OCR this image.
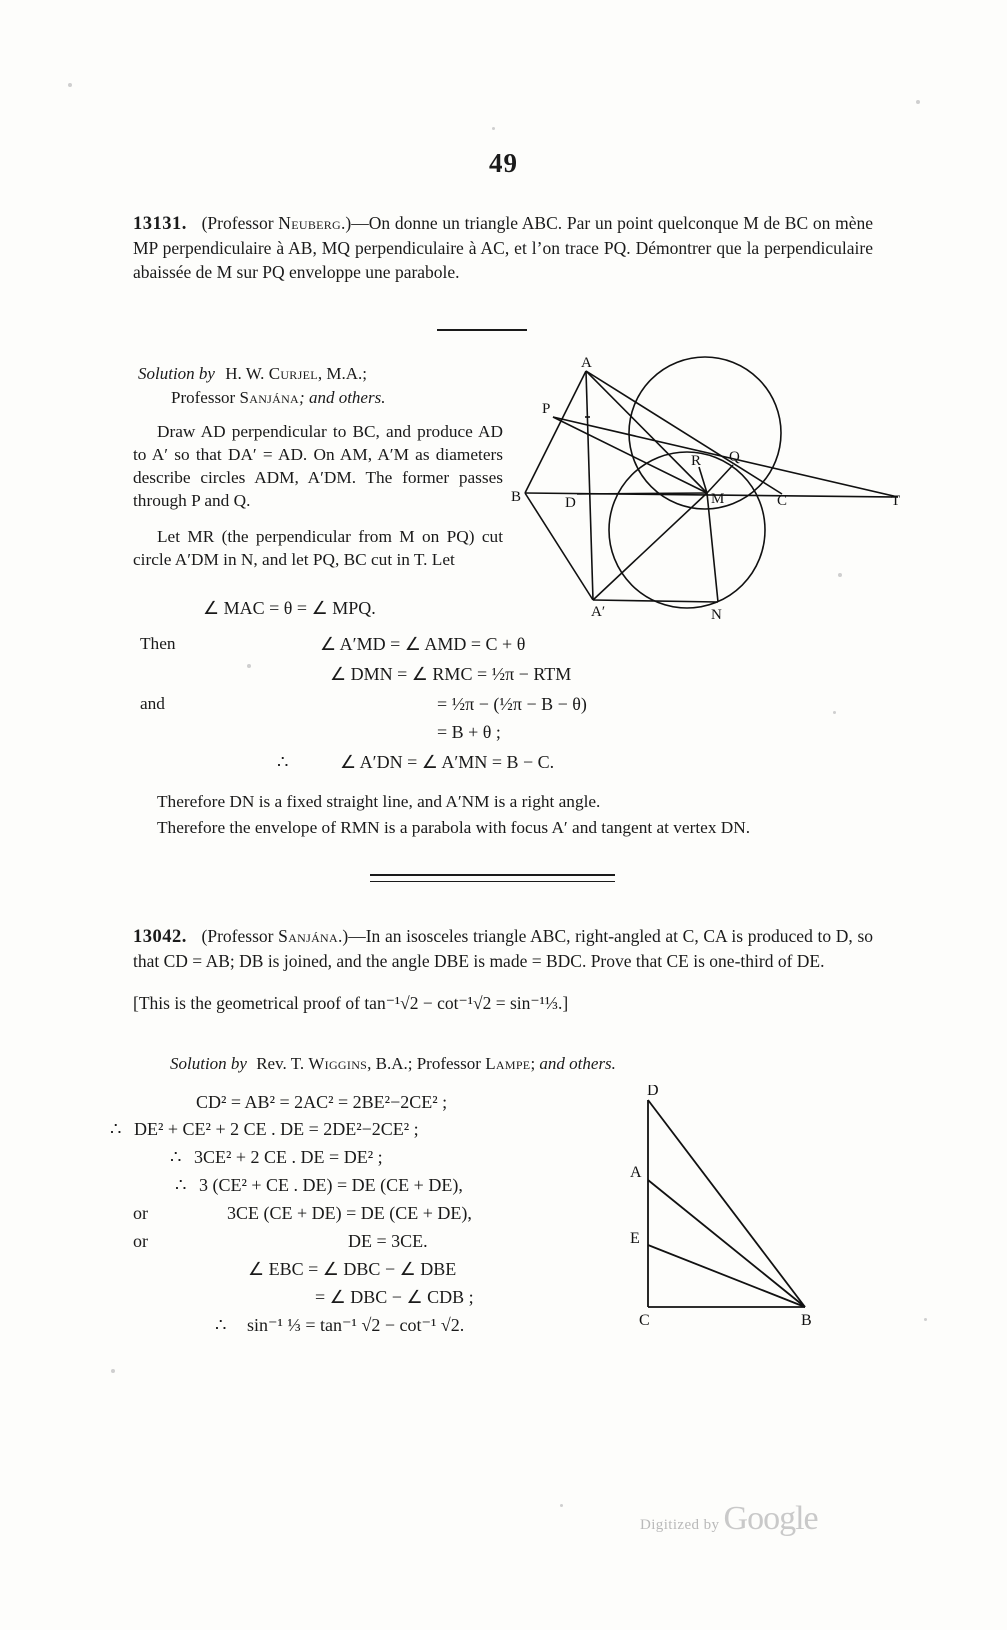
49
13131. (Professor Neuberg.)—On donne un triangle ABC. Par un point quelconque M de BC on mène MP perpendiculaire à AB, MQ perpendiculaire à AC, et l’on trace PQ. Démontrer que la perpendiculaire abaissée de M sur PQ enveloppe une parabole.
Solution by H. W. Curjel, M.A.;
Professor Sanjána; and others.
Draw AD perpendicular to BC, and produce AD to A′ so that DA′ = AD. On AM, A′M as diameters describe circles ADM, A′DM. The former passes through P and Q.
Let MR (the perpendicular from M on PQ) cut circle A′DM in N, and let PQ, BC cut in T. Let
∠ MAC = θ = ∠ MPQ.
Then
and
∠ A′MD = ∠ AMD = C + θ
∠ DMN = ∠ RMC = ½π − RTM
= ½π − (½π − B − θ)
= B + θ ;
∴	∠ A′DN = ∠ A′MN = B − C.
Therefore DN is a fixed straight line, and A′NM is a right angle.
Therefore the envelope of RMN is a parabola with focus A′ and tangent at vertex DN.
A
P
R Q
B	D	M	C	T
A′	N
13042. (Professor Sanjána.)—In an isosceles triangle ABC, right-angled at C, CA is produced to D, so that CD = AB; DB is joined, and the angle DBE is made = BDC. Prove that CE is one-third of DE.
[This is the geometrical proof of tan⁻¹√2 − cot⁻¹√2 = sin⁻¹⅓.]
Solution by Rev. T. Wiggins, B.A.; Professor Lampe; and others.
CD² = AB² = 2AC² = 2BE²−2CE² ;
∴ DE² + CE² + 2 CE . DE = 2DE²−2CE² ;
∴ 3CE² + 2 CE . DE = DE² ;
∴ 3 (CE² + CE . DE) = DE (CE + DE),
or	3CE (CE + DE) = DE (CE + DE),
or	DE = 3CE.
∠ EBC = ∠ DBC − ∠ DBE
= ∠ DBC − ∠ CDB ;
∴ sin⁻¹ ⅓ = tan⁻¹ √2 − cot⁻¹ √2.
D
A
E
C	B
Digitized by Google
